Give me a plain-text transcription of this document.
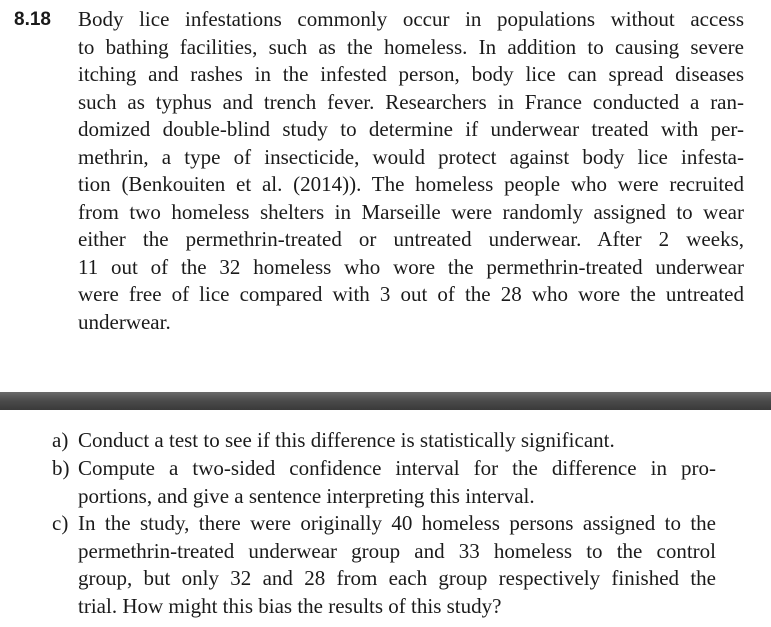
8.18 Body lice infestations commonly occur in populations without access
to bathing facilities, such as the homeless. In addition to causing severe
itching and rashes in the infested person, body lice can spread diseases
such as typhus and trench fever. Researchers in France conducted a ran-
domized double-blind study to determine if underwear treated with per-
methrin, a type of insecticide, would protect against body lice infesta-
tion (Benkouiten et al. (2014)). The homeless people who were recruited
from two homeless shelters in Marseille were randomly assigned to wear
either the permethrin-treated or untreated underwear. After 2 weeks,
11 out of the 32 homeless who wore the permethrin-treated underwear
were free of lice compared with 3 out of the 28 who wore the untreated
underwear.
a) Conduct a test to see if this difference is statistically significant.
b) Compute a two-sided confidence interval for the difference in pro-
portions, and give a sentence interpreting this interval.
c) In the study, there were originally 40 homeless persons assigned to the
permethrin-treated underwear group and 33 homeless to the control
group, but only 32 and 28 from each group respectively finished the
trial. How might this bias the results of this study?
